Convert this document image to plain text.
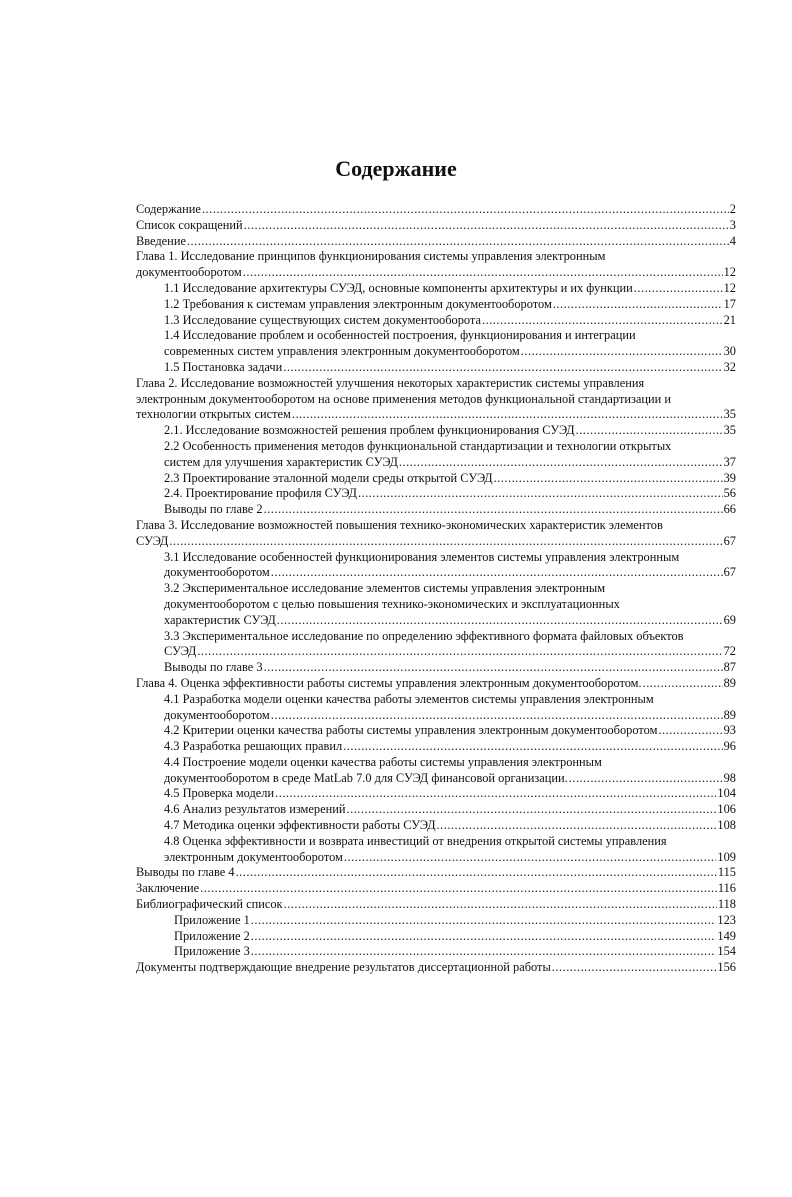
Содержание
Содержание .....	2
Список сокращений .....	3
Введение .....	4
Глава 1. Исследование принципов функционирования системы управления электронным
документооборотом .....	12
1.1 Исследование архитектуры СУЭД, основные компоненты архитектуры и их функции .....	12
1.2 Требования к системам управления электронным документооборотом .....	17
1.3 Исследование существующих систем документооборота .....	21
1.4 Исследование проблем и особенностей построения, функционирования и интеграции
современных систем управления электронным документооборотом .....	30
1.5 Постановка задачи .....	32
Глава 2. Исследование возможностей улучшения некоторых характеристик системы управления
электронным документооборотом на основе применения методов функциональной стандартизации и
технологии открытых систем .....	35
2.1. Исследование возможностей решения проблем функционирования СУЭД .....	35
2.2 Особенность применения методов функциональной стандартизации и технологии открытых
систем для улучшения характеристик СУЭД .....	37
2.3 Проектирование эталонной модели среды открытой СУЭД .....	39
2.4. Проектирование профиля СУЭД .....	56
Выводы по главе 2 .....	66
Глава 3. Исследование возможностей повышения технико-экономических характеристик элементов
СУЭД .....	67
3.1 Исследование особенностей функционирования элементов системы управления электронным
документооборотом .....	67
3.2 Экспериментальное исследование элементов системы управления электронным
документооборотом с целью повышения технико-экономических и эксплуатационных
характеристик СУЭД .....	69
3.3 Экспериментальное исследование по определению эффективного формата файловых объектов
СУЭД .....	72
Выводы по главе 3 .....	87
Глава 4. Оценка эффективности работы системы управления электронным документооборотом. .....	89
4.1 Разработка модели оценки качества работы элементов системы управления электронным
документооборотом .....	89
4.2 Критерии оценки качества работы системы управления электронным документооборотом .....	93
4.3 Разработка решающих правил .....	96
4.4 Построение модели оценки качества работы системы управления электронным
документооборотом в среде MatLab 7.0 для СУЭД финансовой организации. .....	98
4.5 Проверка модели .....	104
4.6 Анализ результатов измерений .....	106
4.7 Методика оценки эффективности работы СУЭД .....	108
4.8 Оценка эффективности и возврата инвестиций от внедрения открытой системы управления
электронным документооборотом .....	109
Выводы по главе 4 .....	115
Заключение .....	116
Библиографический список .....	118
Приложение 1 .....	123
Приложение 2 .....	149
Приложение 3 .....	154
Документы подтверждающие внедрение результатов диссертационной работы .....	156
